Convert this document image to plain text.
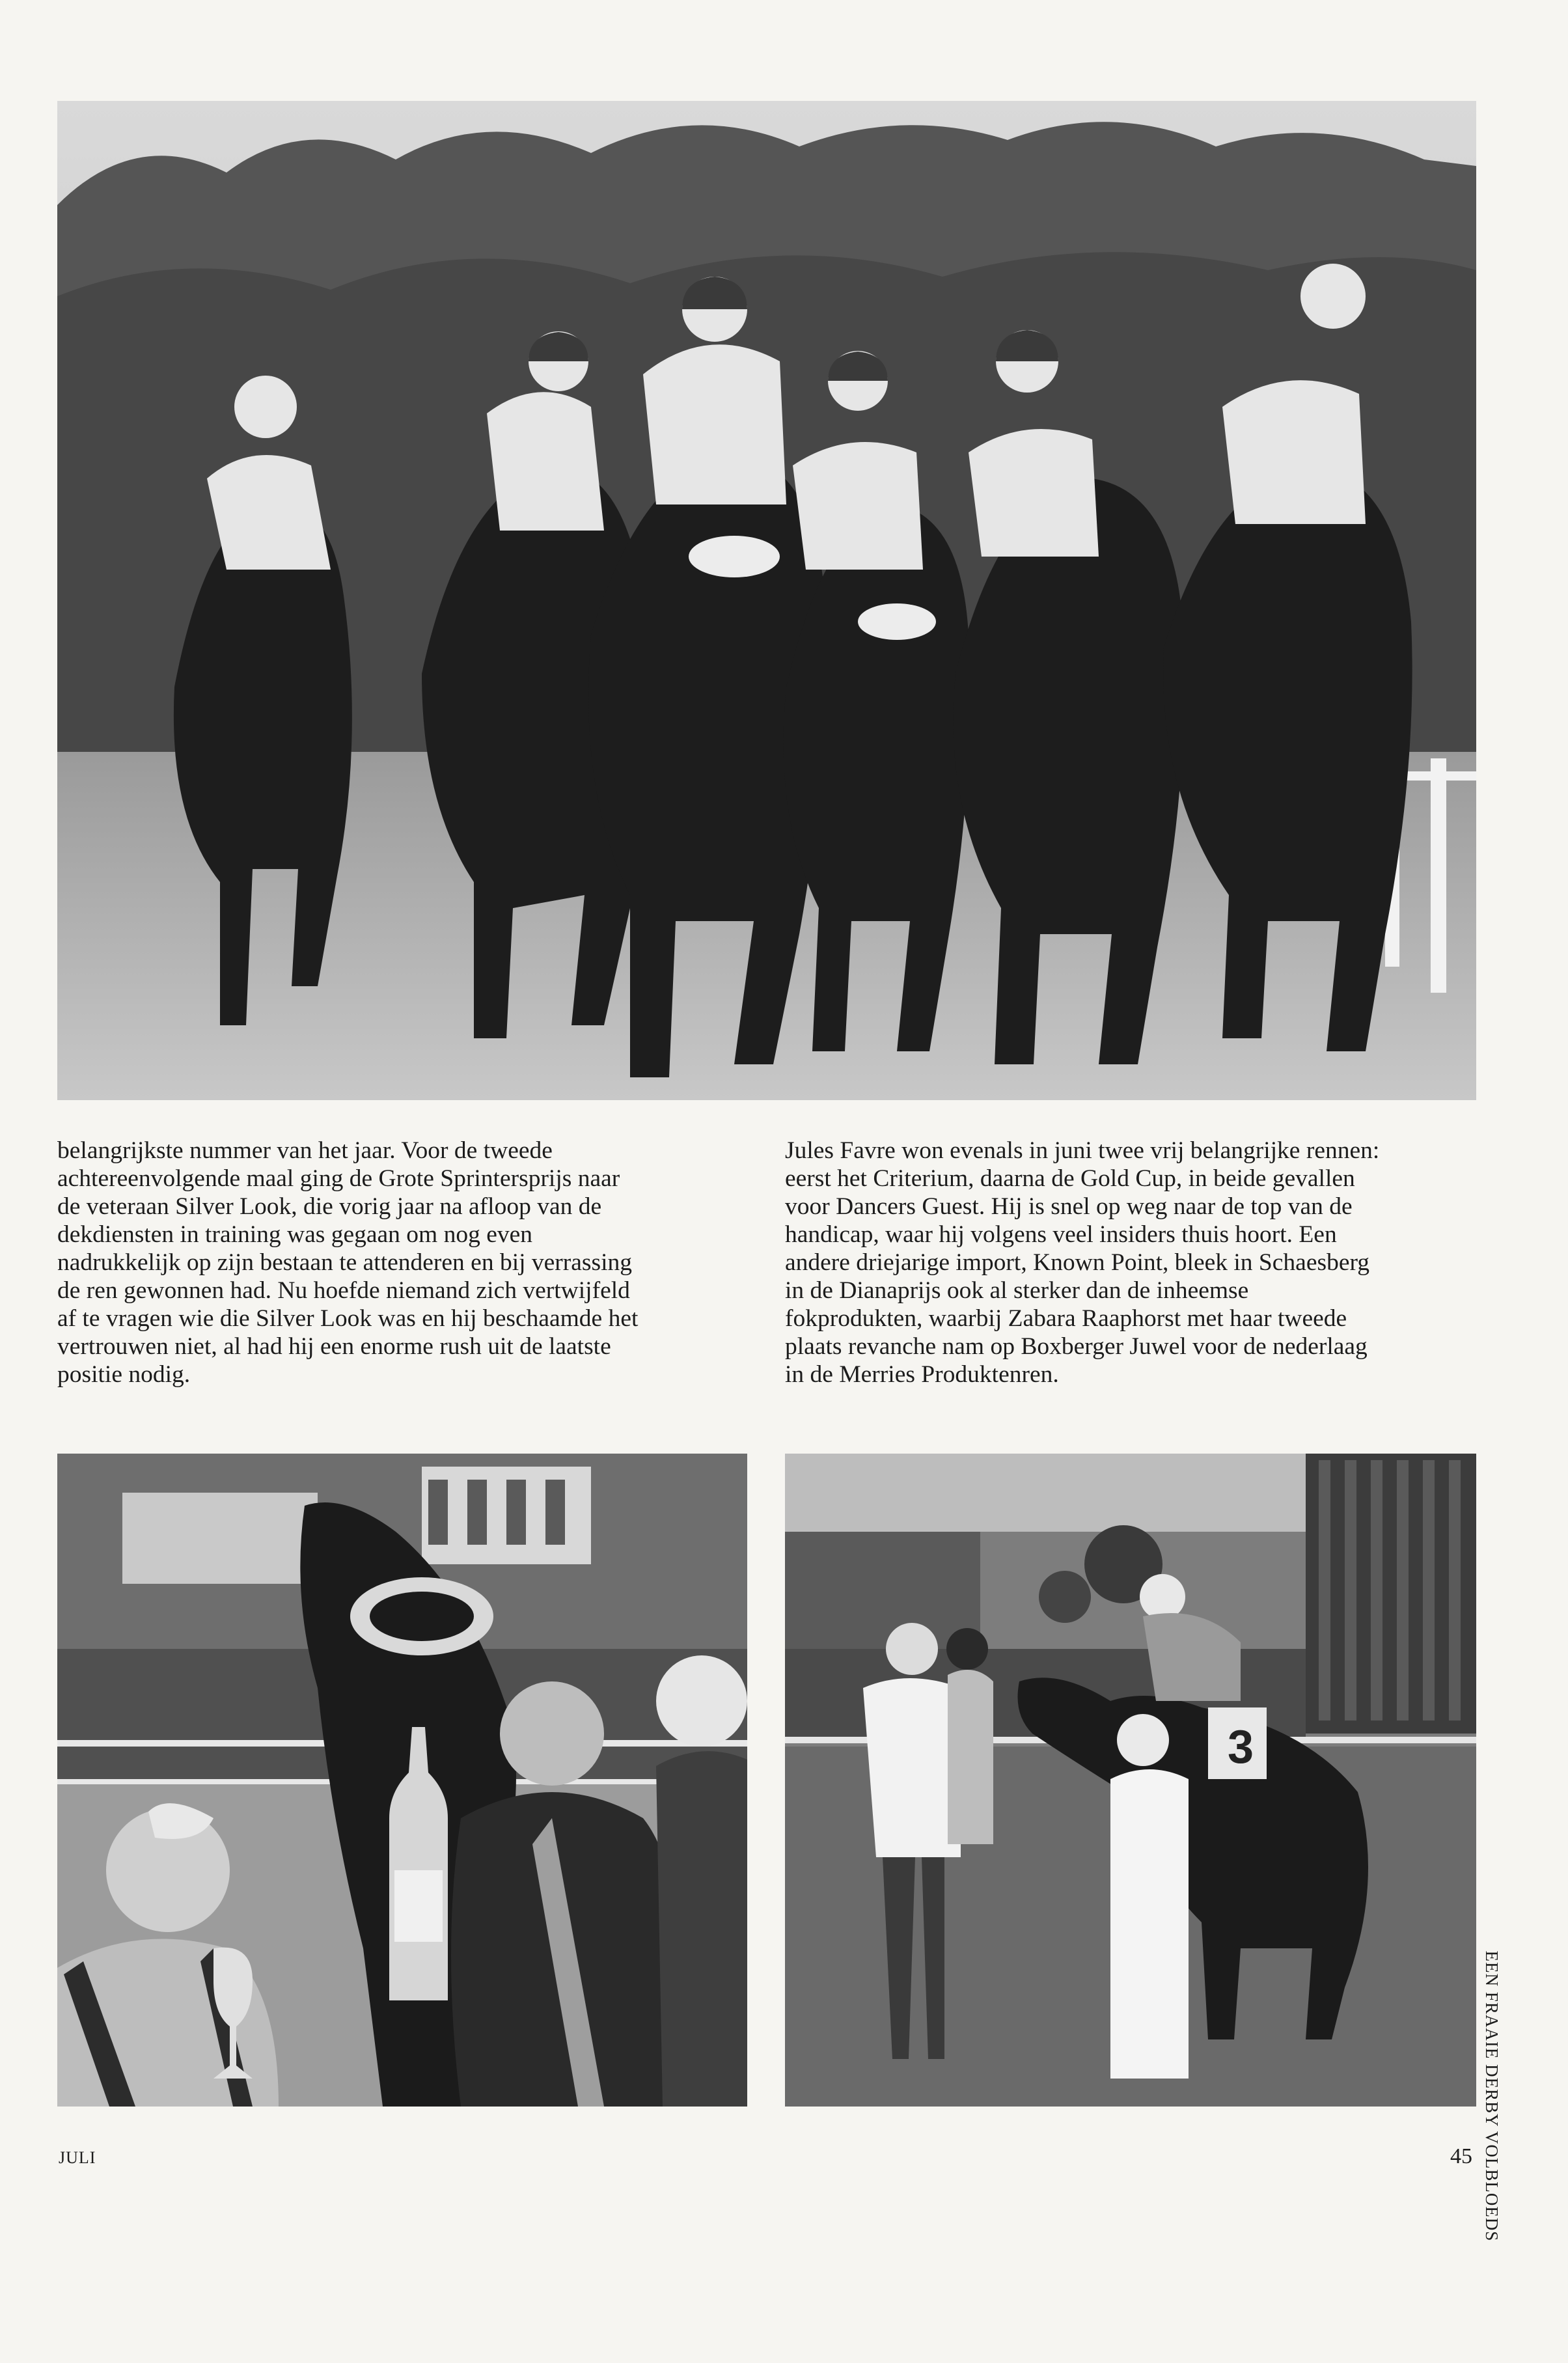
belangrijkste nummer van het jaar. Voor de tweede
achtereenvolgende maal ging de Grote Sprintersprijs naar
de veteraan Silver Look, die vorig jaar na afloop van de
dekdiensten in training was gegaan om nog even
nadrukkelijk op zijn bestaan te attenderen en bij verrassing
de ren gewonnen had. Nu hoefde niemand zich vertwijfeld
af te vragen wie die Silver Look was en hij beschaamde het
vertrouwen niet, al had hij een enorme rush uit de laatste
positie nodig.

Jules Favre won evenals in juni twee vrij belangrijke rennen:
eerst het Criterium, daarna de Gold Cup, in beide gevallen
voor Dancers Guest. Hij is snel op weg naar de top van de
handicap, waar hij volgens veel insiders thuis hoort. Een
andere driejarige import, Known Point, bleek in Schaesberg
in de Dianaprijs ook al sterker dan de inheemse
fokprodukten, waarbij Zabara Raaphorst met haar tweede
plaats revanche nam op Boxberger Juwel voor de nederlaag
in de Merries Produktenren.

3
EEN FRAAIE DERBY VOLBLOEDS
JULI	45
